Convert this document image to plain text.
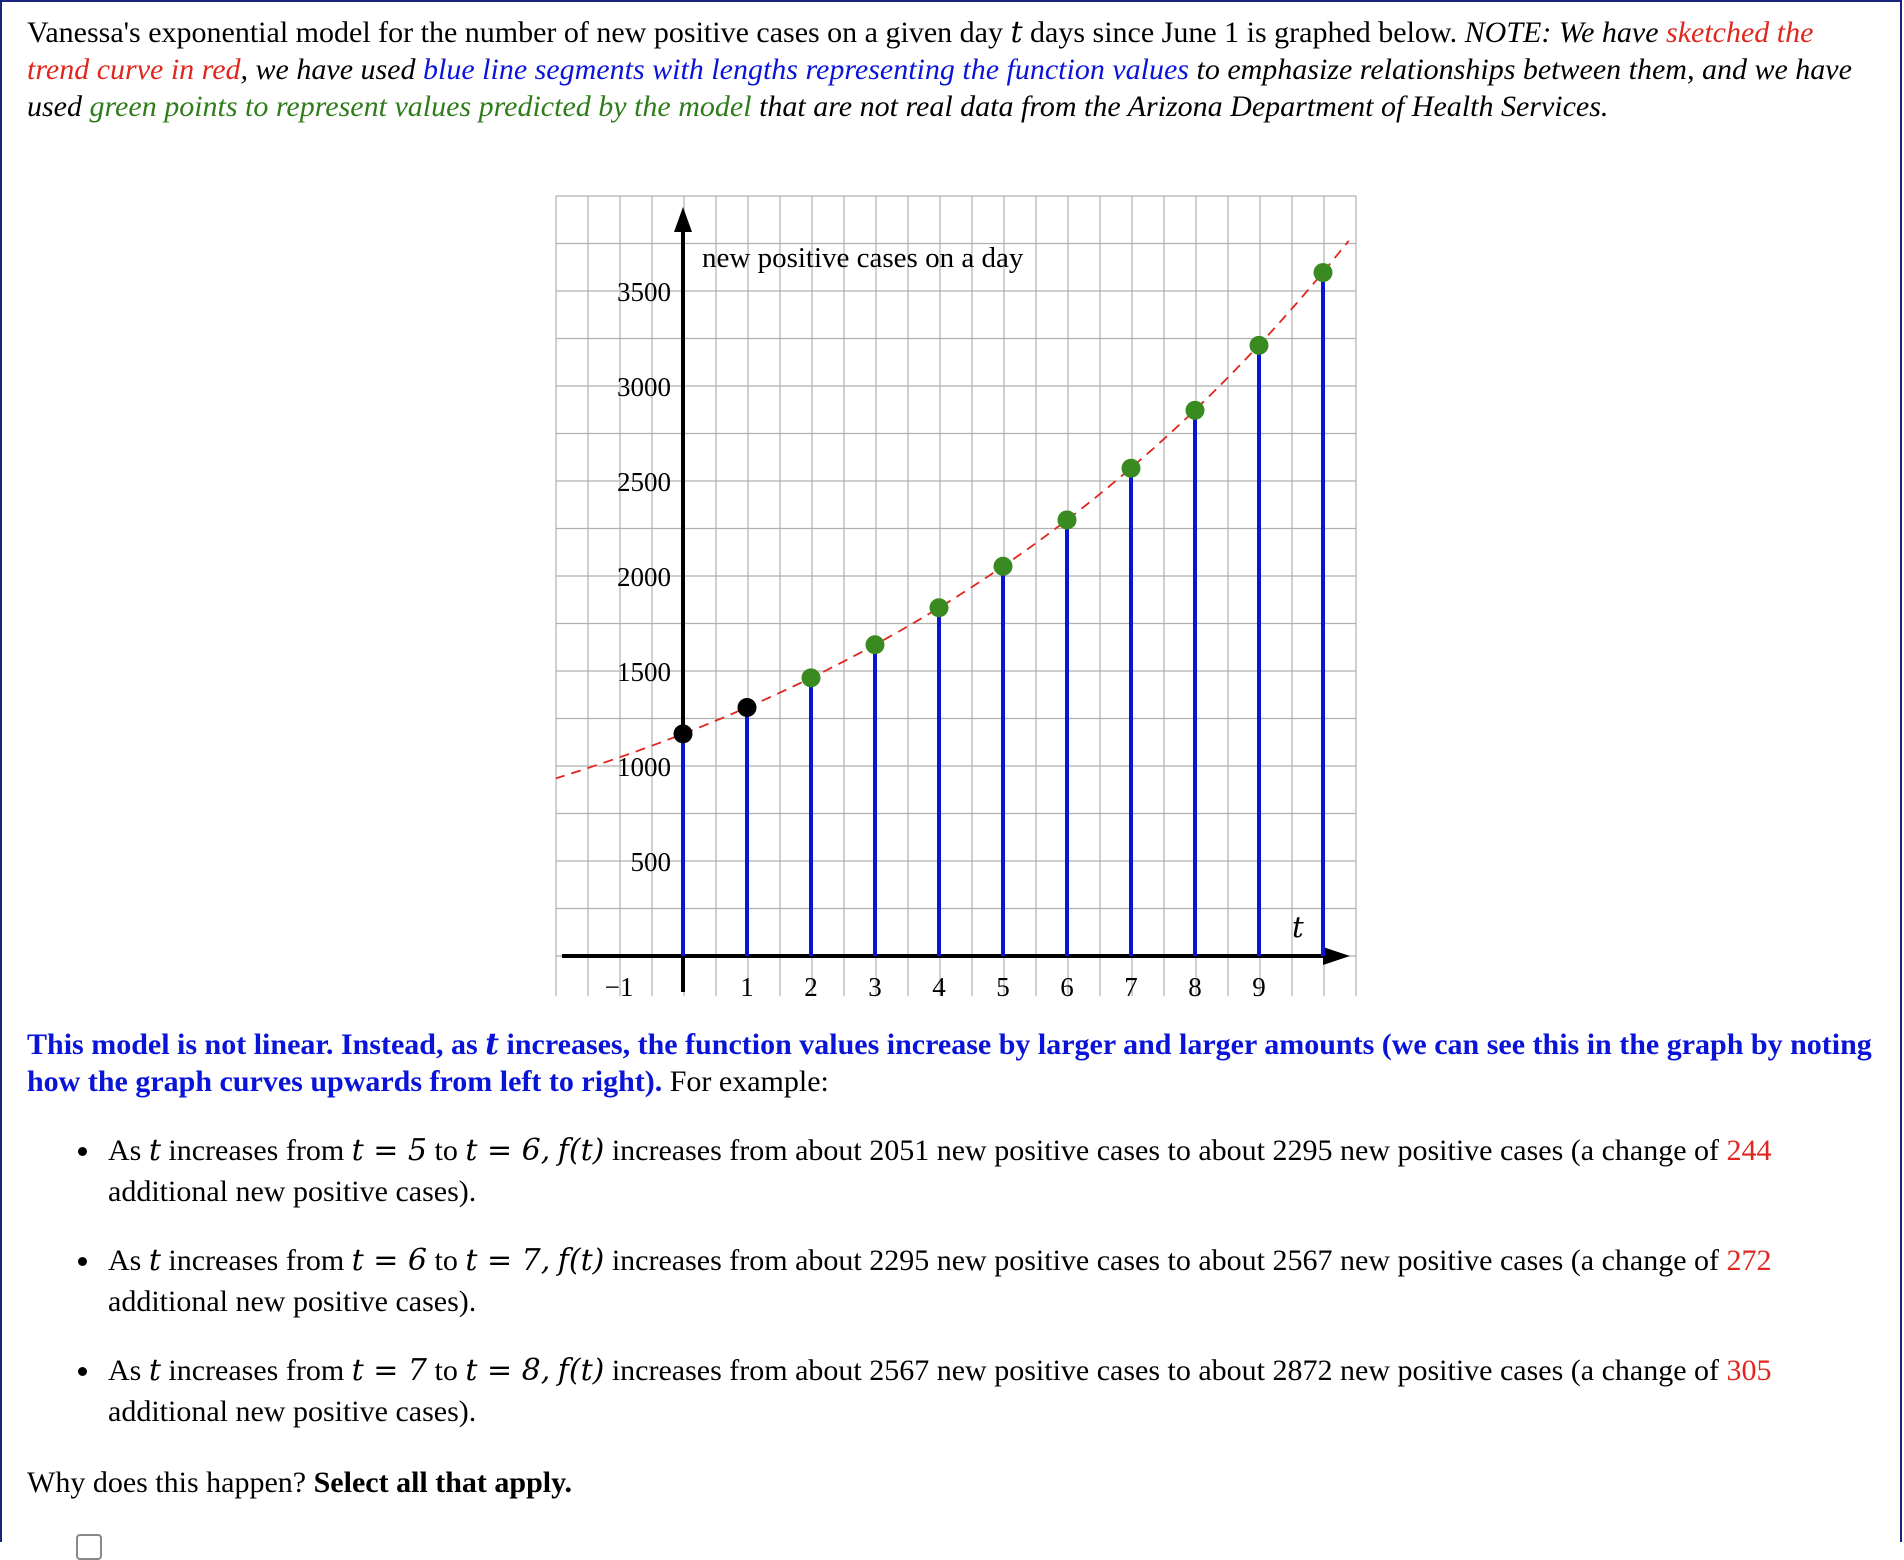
Vanessa's exponential model for the number of new positive cases on a given day t days since June 1 is graphed below. NOTE: We have sketched the trend curve in red, we have used blue line segments with lengths representing the function values to emphasize relationships between them, and we have used green points to represent values predicted by the model that are not real data from the Arizona Department of Health Services.
−1	1 2 3 4 5 6 7 8 9
500
1000
1500
2000
2500
3000
3500
new positive cases on a day
t
This model is not linear. Instead, as t increases, the function values increase by larger and larger amounts (we can see this in the graph by noting how the graph curves upwards from left to right). For example:
As t increases from t = 5 to t = 6, f(t) increases from about 2051 new positive cases to about 2295 new positive cases (a change of 244 additional new positive cases).
As t increases from t = 6 to t = 7, f(t) increases from about 2295 new positive cases to about 2567 new positive cases (a change of 272 additional new positive cases).
As t increases from t = 7 to t = 8, f(t) increases from about 2567 new positive cases to about 2872 new positive cases (a change of 305 additional new positive cases).
Why does this happen? Select all that apply.
